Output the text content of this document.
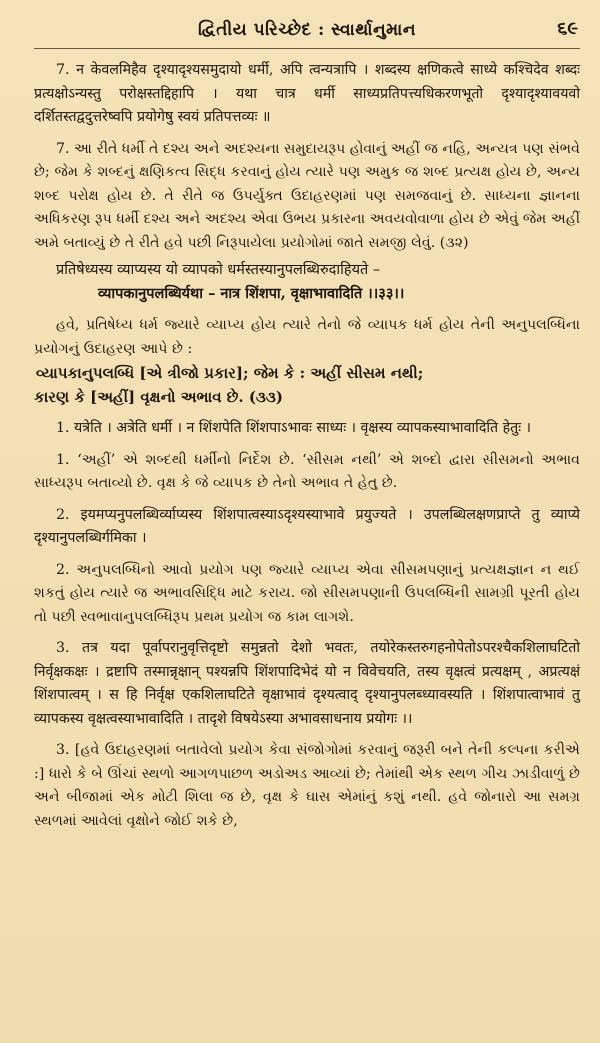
દ્વિતીય પરિચ્છેદ : સ્વાર્થાનુમાન	૬૯

7. न केवलमिहैव दृश्यादृश्यसमुदायो धर्मी, अपि त्वन्यत्रापि । शब्दस्य क्षणिकत्वे साध्ये कश्चिदेव शब्दः प्रत्यक्षोऽन्यस्तु परोक्षस्तद्दिहापि । यथा चात्र धर्मी साध्यप्रतिपत्त्यधिकरणभूतो दृश्यादृश्यावयवो दर्शितस्तद्वदुत्तरेष्वपि प्रयोगेषु स्वयं प्रतिपत्तव्यः ॥

7. આ રીતે ધર્મી તે દશ્ય અને અદશ્યના સમુદાયરૂપ હોવાનું અહીં જ નહિ, અન્યત્ર પણ સંભવે છે; જેમ કે શબ્દનું ક્ષણિકત્વ સિદ્ધ કરવાનું હોય ત્યારે પણ અમુક જ શબ્દ પ્રત્યક્ષ હોય છે, અન્ય શબ્દ પરોક્ષ હોય છે. તે રીતે જ ઉપર્યુક્ત ઉદાહરણમાં પણ સમજવાનું છે. સાધ્યના જ્ઞાનના અધિકરણ રૂપ ધર્મી દશ્ય અને અદશ્ય એવા ઉભય પ્રકારના અવયવોવાળા હોય છે એવું જેમ અહીં અમે બતાવ્યું છે તે રીતે હવે પછી નિરૂપાયેલા પ્રયોગોમાં જાતે સમજી લેવું. (૩૨)

प्रतिषेध्यस्य व्याप्यस्य यो व्यापको धर्मस्तस्यानुपलब्धिरुदाहियते –

व्यापकानुपलब्धिर्यथा – नात्र शिंशपा, वृक्षाभावादिति ।।३३।।

હવે, પ્રતિષેધ્ય ધર્મ જ્યારે વ્યાપ્ય હોય ત્યારે તેનો જે વ્યાપક ધર્મ હોય તેની અનુપલબ્ધિના પ્રયોગનું ઉદાહરણ આપે છે :

વ્યાપકાનુપલબ્ધિ [એ ત્રીજો પ્રકાર]; જેમ કે : અહીં સીસમ નથી;

કારણ કે [અહીં] વૃક્ષનો અભાવ છે. (૩૩)

1. यत्रेति । अत्रेति धर्मी । न शिंशपेति शिंशपाऽभावः साध्यः । वृक्षस्य व्यापकस्याभावादिति हेतुः ।

1. ‘અહીં’ એ શબ્દથી ધર્મીનો નિર્દેશ છે. ‘સીસમ નથી’ એ શબ્દો દ્વારા સીસમનો અભાવ સાધ્યરૂપ બતાવ્યો છે. વૃક્ષ કે જે વ્યાપક છે તેનો અભાવ તે હેતુ છે.

2. इयमप्यनुपलब्धिर्व्याप्यस्य शिंशपात्वस्याऽदृश्यस्याभावे प्रयुज्यते । उपलब्धिलक्षणप्राप्ते तु व्याप्ये दृश्यानुपलब्धिर्गमिका ।

2. અનુપલબ્ધિનો આવો પ્રયોગ પણ જ્યારે વ્યાપ્ય એવા સીસમપણાનું પ્રત્યક્ષજ્ઞાન ન થઈ શકતું હોય ત્યારે જ અભાવસિદ્ધિ માટે કરાય. જો સીસમપણાની ઉપલબ્ધિની સામગ્રી પૂરતી હોય તો પછી સ્વભાવાનુપલબ્ધિરૂપ પ્રથમ પ્રયોગ જ કામ લાગશે.

3. तत्र यदा पूर्वापरानुवृत्तिदृष्टो समुन्नतो देशो भवतः, तयोरेकस्तरुगहनोपेतोऽपरश्चैकशिलाघटितो निर्वृक्षकक्षः । द्रष्टापि तस्मान्नृक्षान् पश्यन्नपि शिंशपादिभेदं यो न विवेचयति, तस्य वृक्षत्वं प्रत्यक्षम् , अप्रत्यक्षं शिंशपात्वम् । स हि निर्वृक्ष एकशिलाघटिते वृक्षाभावं दृश्यत्वाद् दृश्यानुपलब्ध्यावस्यति । शिंशपात्वाभावं तु व्यापकस्य वृक्षत्वस्याभावादिति । तादृशे विषयेऽस्या अभावसाधनाय प्रयोगः ।।

3. [હવે ઉદાહરણમાં બતાવેલો પ્રયોગ કેવા સંજોગોમાં કરવાનું જરૂરી બને તેની કલ્પના કરીએ :] ધારો કે બે ઊંચાં સ્થળો આગળપાછળ અડોઅડ આવ્યાં છે; તેમાંથી એક સ્થળ ગીચ ઝાડીવાળું છે અને બીજામાં એક મોટી શિલા જ છે, વૃક્ષ કે ઘાસ એમાંનું કશું નથી. હવે જોનારો આ સમગ્ર સ્થળમાં આવેલાં વૃક્ષોને જોઈ શકે છે,
